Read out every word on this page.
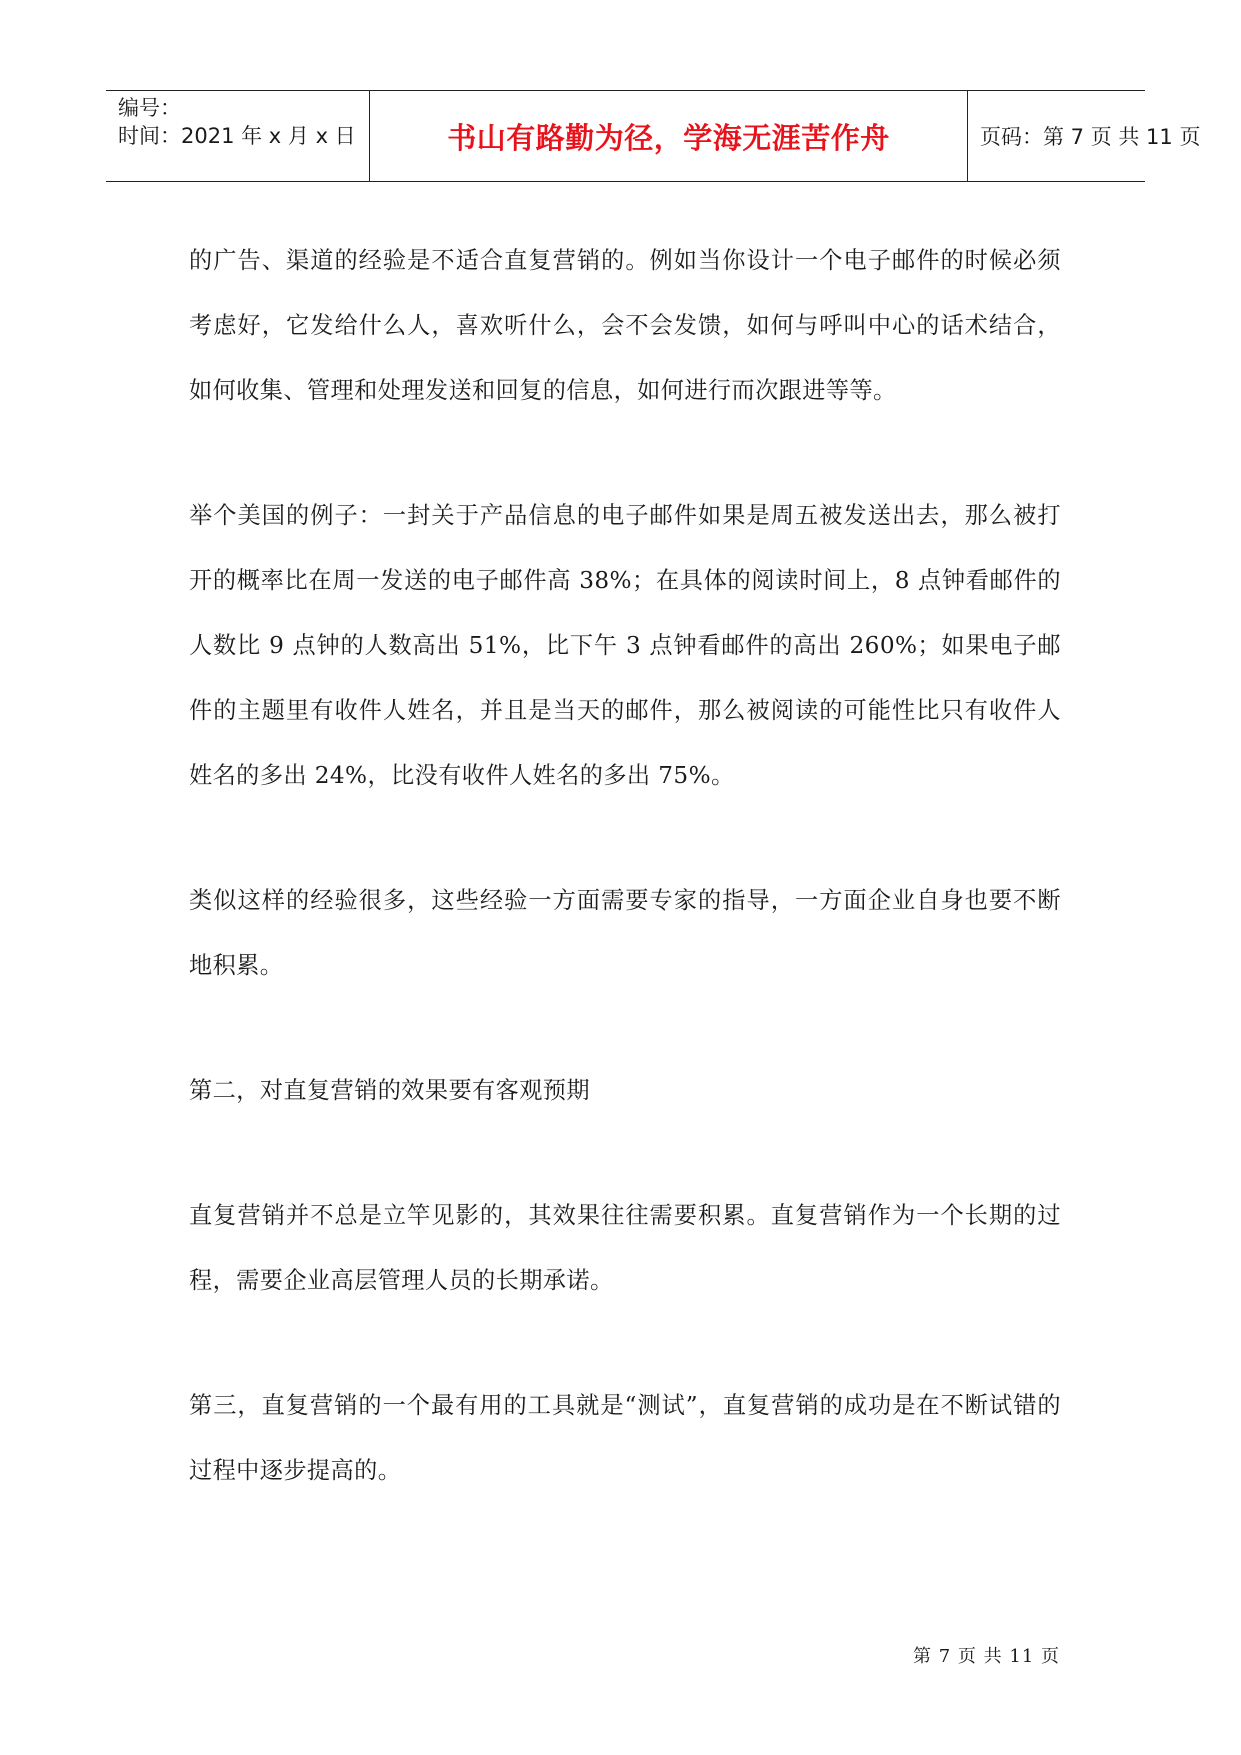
编号：
时间：2021 年 x 月 x 日	书山有路勤为径，学海无涯苦作舟	页码：第 7 页 共 11 页

的广告、渠道的经验是不适合直复营销的。例如当你设计一个电子邮件的时候必须考虑好，它发给什么人，喜欢听什么，会不会发馈，如何与呼叫中心的话术结合，如何收集、管理和处理发送和回复的信息，如何进行而次跟进等等。

举个美国的例子：一封关于产品信息的电子邮件如果是周五被发送出去，那么被打开的概率比在周一发送的电子邮件高 38%；在具体的阅读时间上，8 点钟看邮件的人数比 9 点钟的人数高出 51%，比下午 3 点钟看邮件的高出 260%；如果电子邮件的主题里有收件人姓名，并且是当天的邮件，那么被阅读的可能性比只有收件人姓名的多出 24%，比没有收件人姓名的多出 75%。

类似这样的经验很多，这些经验一方面需要专家的指导，一方面企业自身也要不断地积累。

第二，对直复营销的效果要有客观预期

直复营销并不总是立竿见影的，其效果往往需要积累。直复营销作为一个长期的过程，需要企业高层管理人员的长期承诺。

第三，直复营销的一个最有用的工具就是“测试”，直复营销的成功是在不断试错的过程中逐步提高的。

第 7 页 共 11 页
